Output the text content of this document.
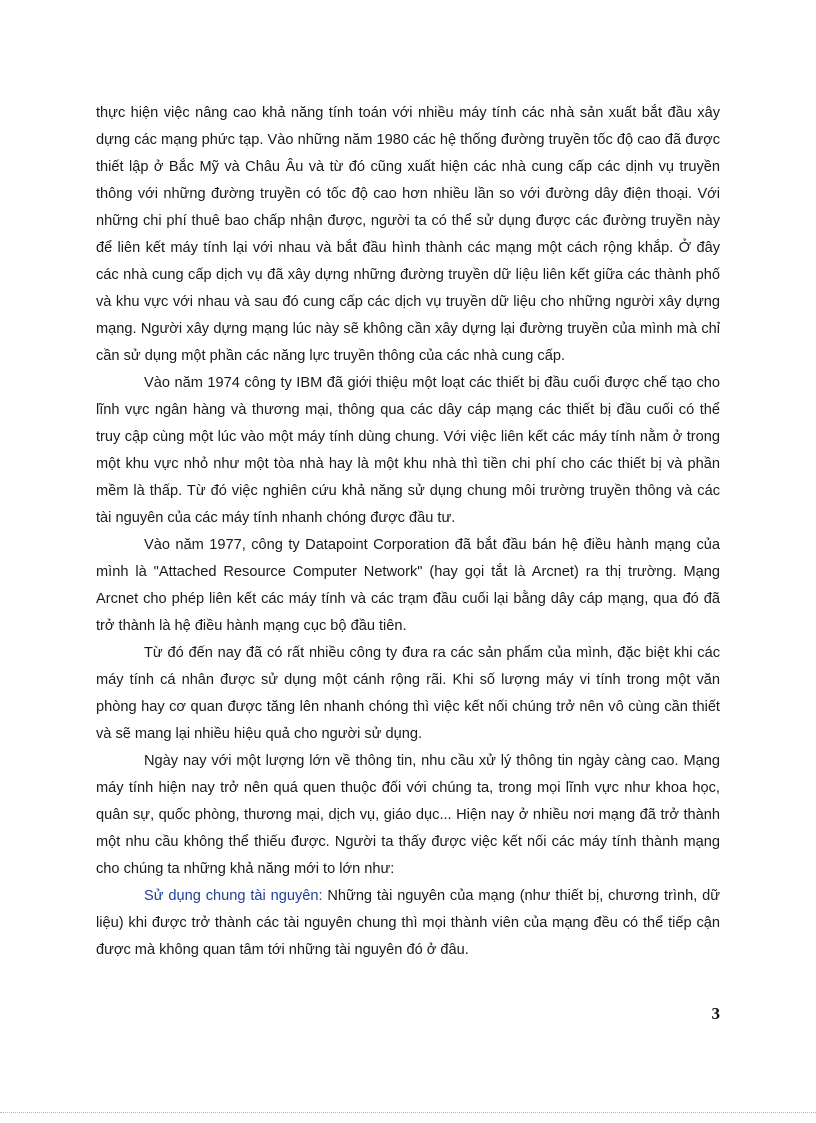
thực hiện việc nâng cao khả năng tính toán với nhiều máy tính các nhà sản xuất bắt đầu xây dựng các mạng phức tạp. Vào những năm 1980 các hệ thống đường truyền tốc độ cao đã được thiết lập ở Bắc Mỹ và Châu Âu và từ đó cũng xuất hiện các nhà cung cấp các dịnh vụ truyền thông với những đường truyền có tốc độ cao hơn nhiều lần so với đường dây điện thoại. Với những chi phí thuê bao chấp nhận được, người ta có thể sử dụng được các đường truyền này để liên kết máy tính lại với nhau và bắt đầu hình thành các mạng một cách rộng khắp. Ở đây các nhà cung cấp dịch vụ đã xây dựng những đường truyền dữ liệu liên kết giữa các thành phố và khu vực với nhau và sau đó cung cấp các dịch vụ truyền dữ liệu cho những người xây dựng mạng. Người xây dựng mạng lúc này sẽ không cần xây dựng lại đường truyền của mình mà chỉ cần sử dụng một phần các năng lực truyền thông của các nhà cung cấp.

Vào năm 1974 công ty IBM đã giới thiệu một loạt các thiết bị đầu cuối được chế tạo cho lĩnh vực ngân hàng và thương mại, thông qua các dây cáp mạng các thiết bị đầu cuối có thể truy cập cùng một lúc vào một máy tính dùng chung. Với việc liên kết các máy tính nằm ở trong một khu vực nhỏ như một tòa nhà hay là một khu nhà thì tiền chi phí cho các thiết bị và phần mềm là thấp. Từ đó việc nghiên cứu khả năng sử dụng chung môi trường truyền thông và các tài nguyên của các máy tính nhanh chóng được đầu tư.

Vào năm 1977, công ty Datapoint Corporation đã bắt đầu bán hệ điều hành mạng của mình là "Attached Resource Computer Network" (hay gọi tắt là Arcnet) ra thị trường. Mạng Arcnet cho phép liên kết các máy tính và các trạm đầu cuối lại bằng dây cáp mạng, qua đó đã trở thành là hệ điều hành mạng cục bộ đầu tiên.

Từ đó đến nay đã có rất nhiều công ty đưa ra các sản phẩm của mình, đặc biệt khi các máy tính cá nhân được sử dụng một cánh rộng rãi. Khi số lượng máy vi tính trong một văn phòng hay cơ quan được tăng lên nhanh chóng thì việc kết nối chúng trở nên vô cùng cần thiết và sẽ mang lại nhiều hiệu quả cho người sử dụng.

Ngày nay với một lượng lớn về thông tin, nhu cầu xử lý thông tin ngày càng cao. Mạng máy tính hiện nay trở nên quá quen thuộc đối với chúng ta, trong mọi lĩnh vực như khoa học, quân sự, quốc phòng, thương mại, dịch vụ, giáo dục... Hiện nay ở nhiều nơi mạng đã trở thành một nhu cầu không thể thiếu được. Người ta thấy được việc kết nối các máy tính thành mạng cho chúng ta những khả năng mới to lớn như:

Sử dụng chung tài nguyên: Những tài nguyên của mạng (như thiết bị, chương trình, dữ liệu) khi được trở thành các tài nguyên chung thì mọi thành viên của mạng đều có thể tiếp cận được mà không quan tâm tới những tài nguyên đó ở đâu.

3
